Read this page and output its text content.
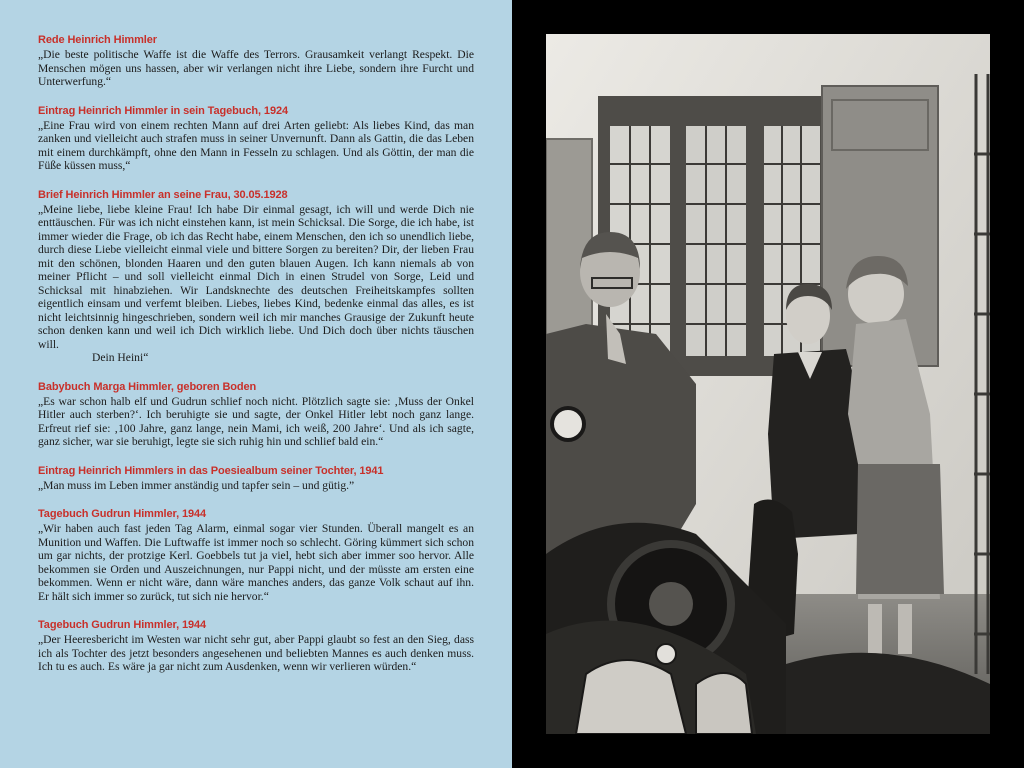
Rede Heinrich Himmler

„Die beste politische Waffe ist die Waffe des Terrors. Grausamkeit verlangt Respekt. Die Menschen mögen uns hassen, aber wir verlangen nicht ihre Liebe, sondern ihre Furcht und Unterwerfung.“

Eintrag Heinrich Himmler in sein Tagebuch, 1924

„Eine Frau wird von einem rechten Mann auf drei Arten geliebt: Als liebes Kind, das man zanken und vielleicht auch strafen muss in seiner Unvernunft. Dann als Gattin, die das Leben mit einem durchkämpft, ohne den Mann in Fesseln zu schlagen. Und als Göttin, der man die Füße küssen muss,“

Brief Heinrich Himmler an seine Frau, 30.05.1928

„Meine liebe, liebe kleine Frau! Ich habe Dir einmal gesagt, ich will und werde Dich nie enttäuschen. Für was ich nicht einstehen kann, ist mein Schicksal. Die Sorge, die ich habe, ist immer wieder die Frage, ob ich das Recht habe, einem Menschen, den ich so unendlich liebe, durch diese Liebe vielleicht einmal viele und bittere Sorgen zu bereiten? Dir, der lieben Frau mit den schönen, blonden Haaren und den guten blauen Augen. Ich kann niemals ab von meiner Pflicht – und soll vielleicht einmal Dich in einen Strudel von Sorge, Leid und Schicksal mit hinabziehen. Wir Landsknechte des deutschen Freiheitskampfes sollten eigentlich einsam und verfemt bleiben. Liebes, liebes Kind, bedenke einmal das alles, es ist nicht leichtsinnig hingeschrieben, sondern weil ich mir manches Grausige der Zukunft heute schon denken kann und weil ich Dich wirklich liebe. Und Dich doch über nichts täuschen will.
Dein Heini“

Babybuch Marga Himmler, geboren Boden

„Es war schon halb elf und Gudrun schlief noch nicht. Plötzlich sagte sie: ‚Muss der Onkel Hitler auch sterben?‘. Ich beruhigte sie und sagte, der Onkel Hitler lebt noch ganz lange. Erfreut rief sie: ‚100 Jahre, ganz lange, nein Mami, ich weiß, 200 Jahre‘. Und als ich sagte, ganz sicher, war sie beruhigt, legte sie sich ruhig hin und schlief bald ein.“

Eintrag Heinrich Himmlers in das Poesiealbum seiner Tochter, 1941

„Man muss im Leben immer anständig und tapfer sein – und gütig.”

Tagebuch Gudrun Himmler, 1944

„Wir haben auch fast jeden Tag Alarm, einmal sogar vier Stunden. Überall mangelt es an Munition und Waffen. Die Luftwaffe ist immer noch so schlecht. Göring kümmert sich schon um gar nichts, der protzige Kerl. Goebbels tut ja viel, hebt sich aber immer soo hervor. Alle bekommen sie Orden und Auszeichnungen, nur Pappi nicht, und der müsste am ersten eine bekommen. Wenn er nicht wäre, dann wäre manches anders, das ganze Volk schaut auf ihn. Er hält sich immer so zurück, tut sich nie hervor.“

Tagebuch Gudrun Himmler, 1944

„Der Heeresbericht im Westen war nicht sehr gut, aber Pappi glaubt so fest an den Sieg, dass ich als Tochter des jetzt besonders angesehenen und beliebten Mannes es auch denken muss. Ich tu es auch. Es wäre ja gar nicht zum Ausdenken, wenn wir verlieren würden.“
